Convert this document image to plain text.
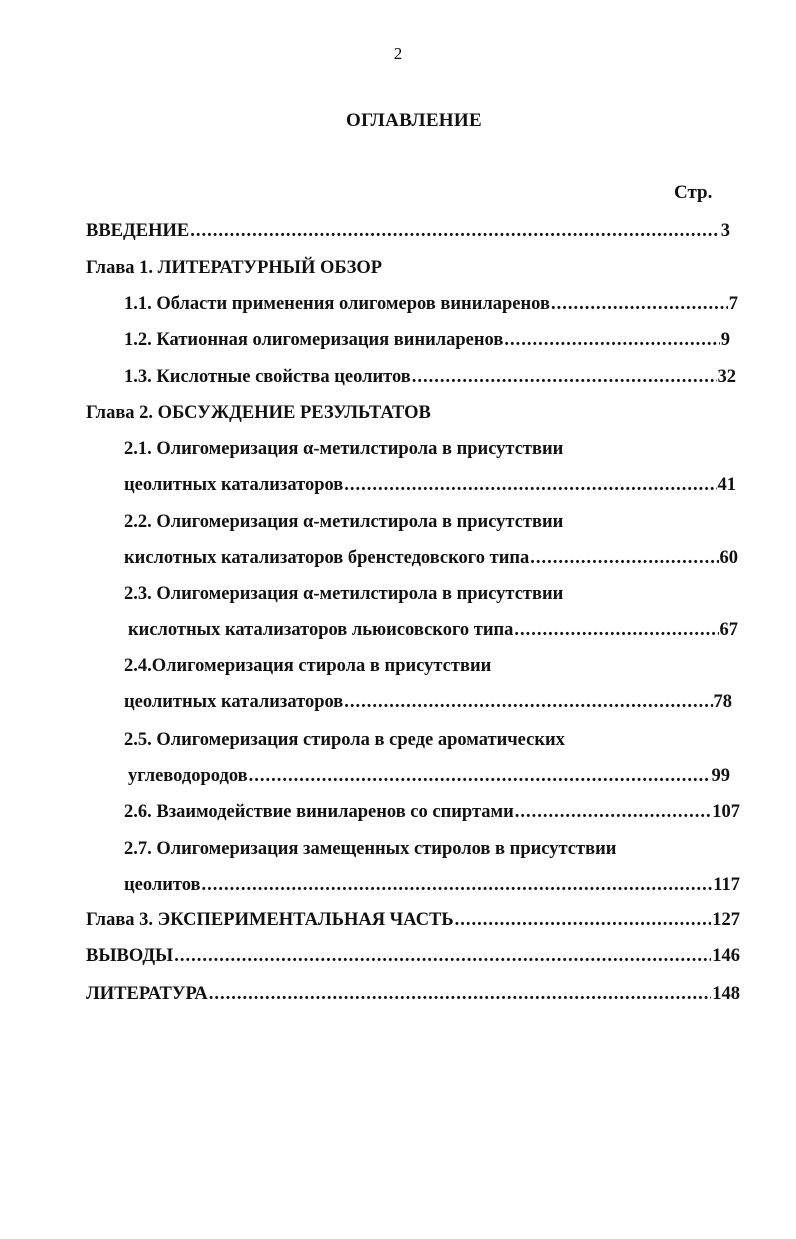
2
ОГЛАВЛЕНИЕ
Стр.
ВВЕДЕНИЕ .....	3
Глава 1. ЛИТЕРАТУРНЫЙ ОБЗОР
1.1. Области применения олигомеров виниларенов .....	7
1.2. Катионная олигомеризация виниларенов .....	9
1.3. Кислотные свойства цеолитов .....	32
Глава 2. ОБСУЖДЕНИЕ РЕЗУЛЬТАТОВ
2.1. Олигомеризация α-метилстирола в присутствии
цеолитных катализаторов .....	41
2.2. Олигомеризация α-метилстирола в присутствии
кислотных катализаторов бренстедовского типа .....	60
2.3. Олигомеризация α-метилстирола в присутствии
кислотных катализаторов льюисовского типа .....	67
2.4.Олигомеризация стирола в присутствии
цеолитных катализаторов .....	78
2.5. Олигомеризация стирола в среде ароматических
углеводородов .....	99
2.6. Взаимодействие виниларенов со спиртами .....	107
2.7. Олигомеризация замещенных стиролов в присутствии
цеолитов .....	117
Глава 3. ЭКСПЕРИМЕНТАЛЬНАЯ ЧАСТЬ .....	127
ВЫВОДЫ .....	146
ЛИТЕРАТУРА .....	148
